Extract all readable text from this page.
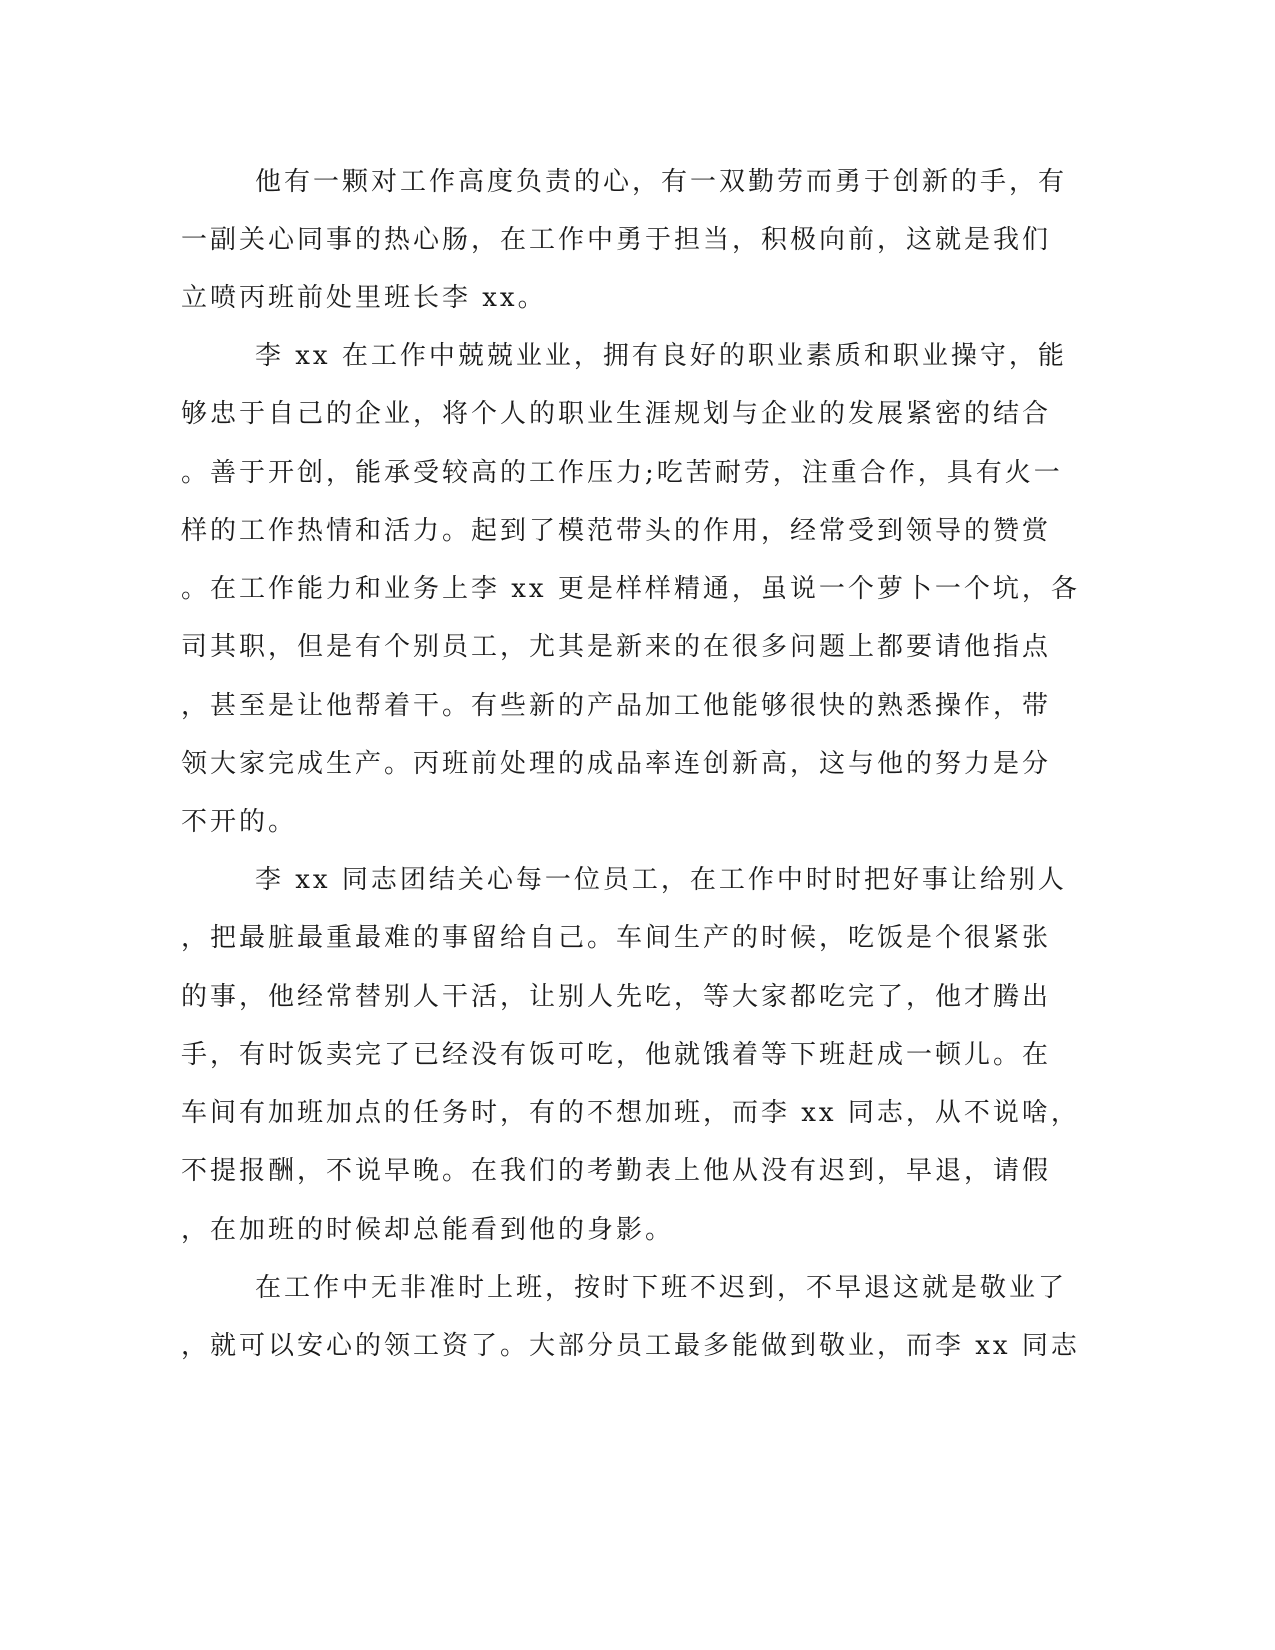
他有一颗对工作高度负责的心，有一双勤劳而勇于创新的手，有
一副关心同事的热心肠，在工作中勇于担当，积极向前，这就是我们
立喷丙班前处里班长李 xx。
李 xx 在工作中兢兢业业，拥有良好的职业素质和职业操守，能
够忠于自己的企业，将个人的职业生涯规划与企业的发展紧密的结合
。善于开创，能承受较高的工作压力;吃苦耐劳，注重合作，具有火一
样的工作热情和活力。起到了模范带头的作用，经常受到领导的赞赏
。在工作能力和业务上李 xx 更是样样精通，虽说一个萝卜一个坑，各
司其职，但是有个别员工，尤其是新来的在很多问题上都要请他指点
，甚至是让他帮着干。有些新的产品加工他能够很快的熟悉操作，带
领大家完成生产。丙班前处理的成品率连创新高，这与他的努力是分
不开的。
李 xx 同志团结关心每一位员工，在工作中时时把好事让给别人
，把最脏最重最难的事留给自己。车间生产的时候，吃饭是个很紧张
的事，他经常替别人干活，让别人先吃，等大家都吃完了，他才腾出
手，有时饭卖完了已经没有饭可吃，他就饿着等下班赶成一顿儿。在
车间有加班加点的任务时，有的不想加班，而李 xx 同志，从不说啥，
不提报酬，不说早晚。在我们的考勤表上他从没有迟到，早退，请假
，在加班的时候却总能看到他的身影。
在工作中无非准时上班，按时下班不迟到，不早退这就是敬业了
，就可以安心的领工资了。大部分员工最多能做到敬业，而李 xx 同志
